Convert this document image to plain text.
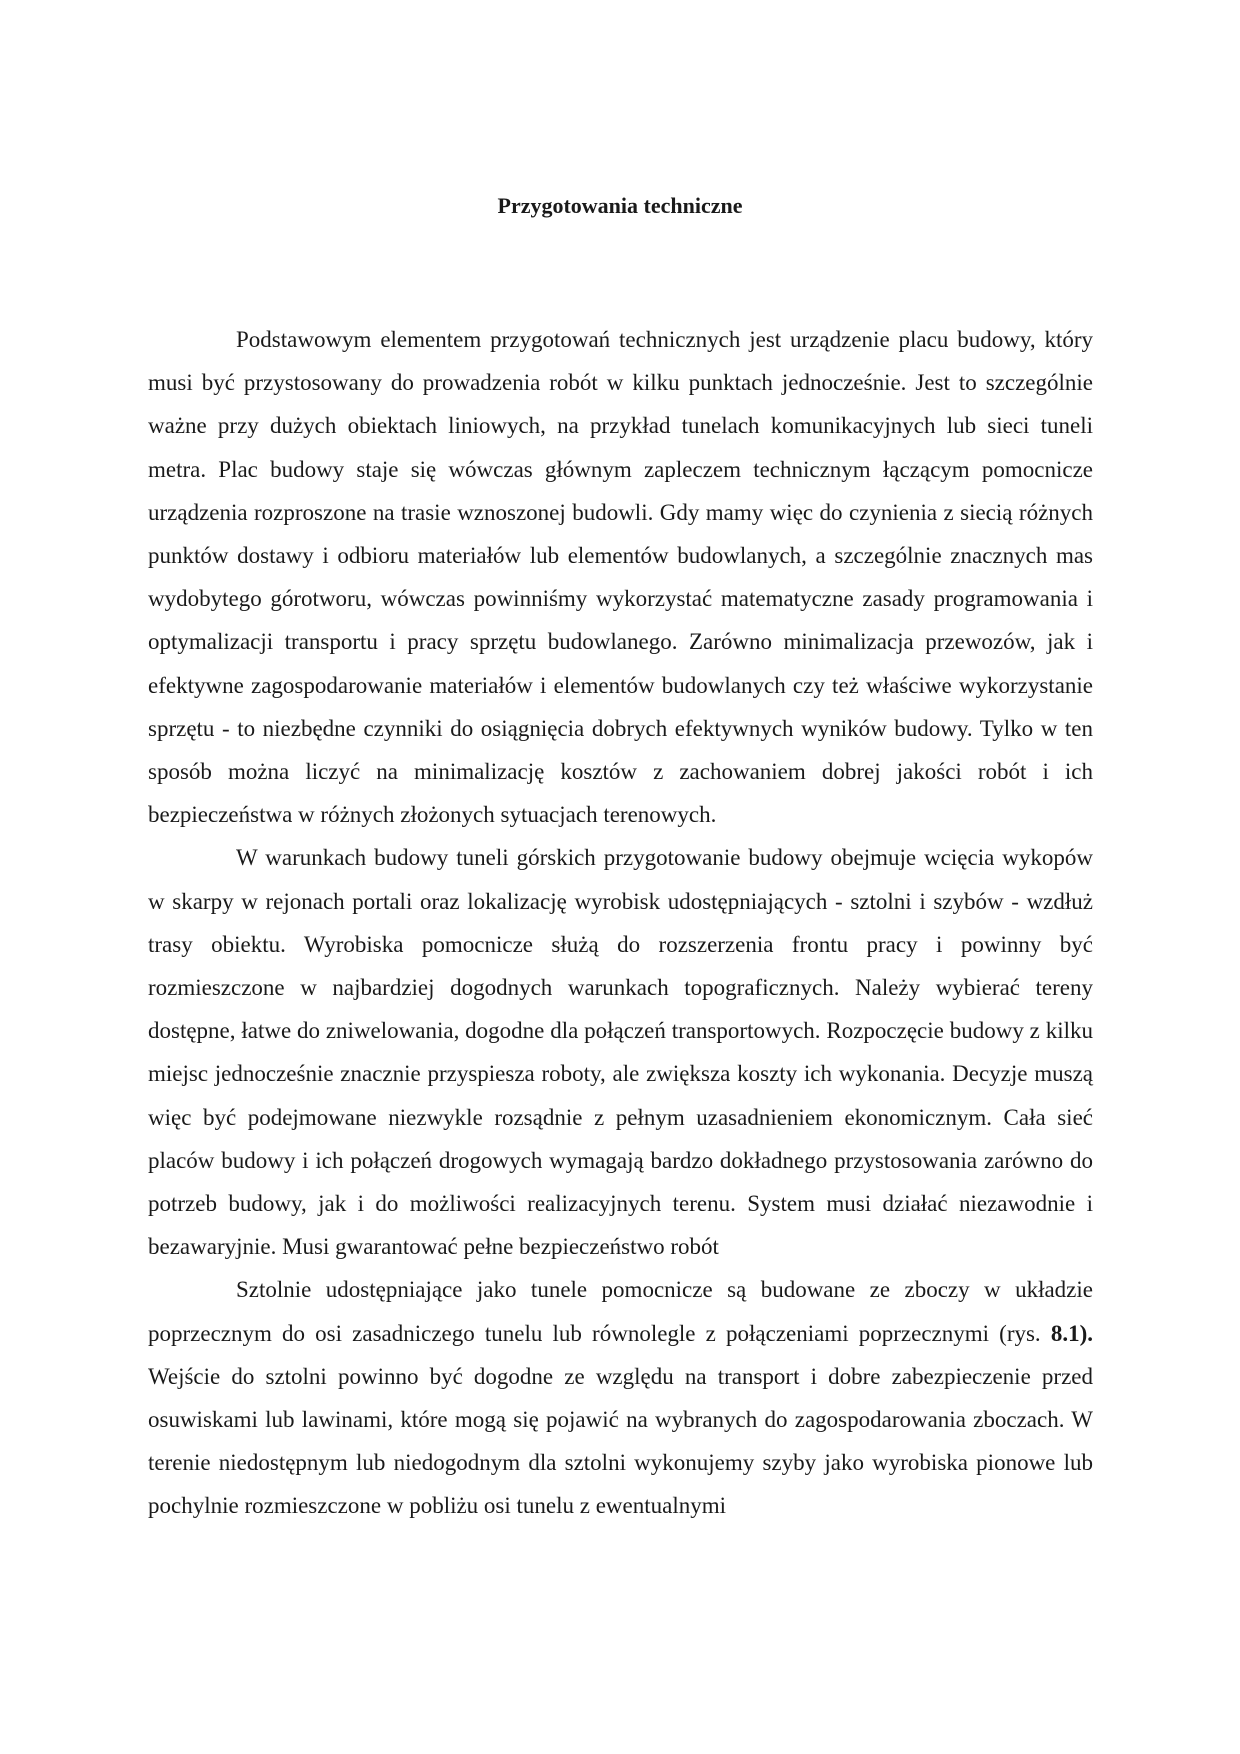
Przygotowania techniczne

Podstawowym elementem przygotowań technicznych jest urządzenie placu budowy, który musi być przystosowany do prowadzenia robót w kilku punktach jednocześnie. Jest to szczególnie ważne przy dużych obiektach liniowych, na przykład tunelach komunikacyjnych lub sieci tuneli metra. Plac budowy staje się wówczas głównym zapleczem technicznym łączącym pomocnicze urządzenia rozproszone na trasie wznoszonej budowli. Gdy mamy więc do czynienia z siecią różnych punktów dostawy i odbioru materiałów lub elementów budowlanych, a szczególnie znacznych mas wydobytego górotworu, wówczas powinniśmy wykorzystać matematyczne zasady programowania i optymalizacji transportu i pracy sprzętu budowlanego. Zarówno minimalizacja przewozów, jak i efektywne zagospodarowanie materiałów i elementów budowlanych czy też właściwe wykorzystanie sprzętu - to niezbędne czynniki do osiągnięcia dobrych efektywnych wyników budowy. Tylko w ten sposób można liczyć na minimalizację kosztów z zachowaniem dobrej jakości robót i ich bezpieczeństwa w różnych złożonych sytuacjach terenowych.

W warunkach budowy tuneli górskich przygotowanie budowy obejmuje wcięcia wykopów w skarpy w rejonach portali oraz lokalizację wyrobisk udostępniających - sztolni i szybów - wzdłuż trasy obiektu. Wyrobiska pomocnicze służą do rozszerzenia frontu pracy i powinny być rozmieszczone w najbardziej dogodnych warunkach topograficznych. Należy wybierać tereny dostępne, łatwe do zniwelowania, dogodne dla połączeń transportowych. Rozpoczęcie budowy z kilku miejsc jednocześnie znacznie przyspiesza roboty, ale zwiększa koszty ich wykonania. Decyzje muszą więc być podejmowane niezwykle rozsądnie z pełnym uzasadnieniem ekonomicznym. Cała sieć placów budowy i ich połączeń drogowych wymagają bardzo dokładnego przystosowania zarówno do potrzeb budowy, jak i do możliwości realizacyjnych terenu. System musi działać niezawodnie i bezawaryjnie. Musi gwarantować pełne bezpieczeństwo robót

Sztolnie udostępniające jako tunele pomocnicze są budowane ze zboczy w układzie poprzecznym do osi zasadniczego tunelu lub równolegle z połączeniami poprzecznymi (rys. 8.1). Wejście do sztolni powinno być dogodne ze względu na transport i dobre zabezpieczenie przed osuwiskami lub lawinami, które mogą się pojawić na wybranych do zagospodarowania zboczach. W terenie niedostępnym lub niedogodnym dla sztolni wykonujemy szyby jako wyrobiska pionowe lub pochylnie rozmieszczone w pobliżu osi tunelu z ewentualnymi
